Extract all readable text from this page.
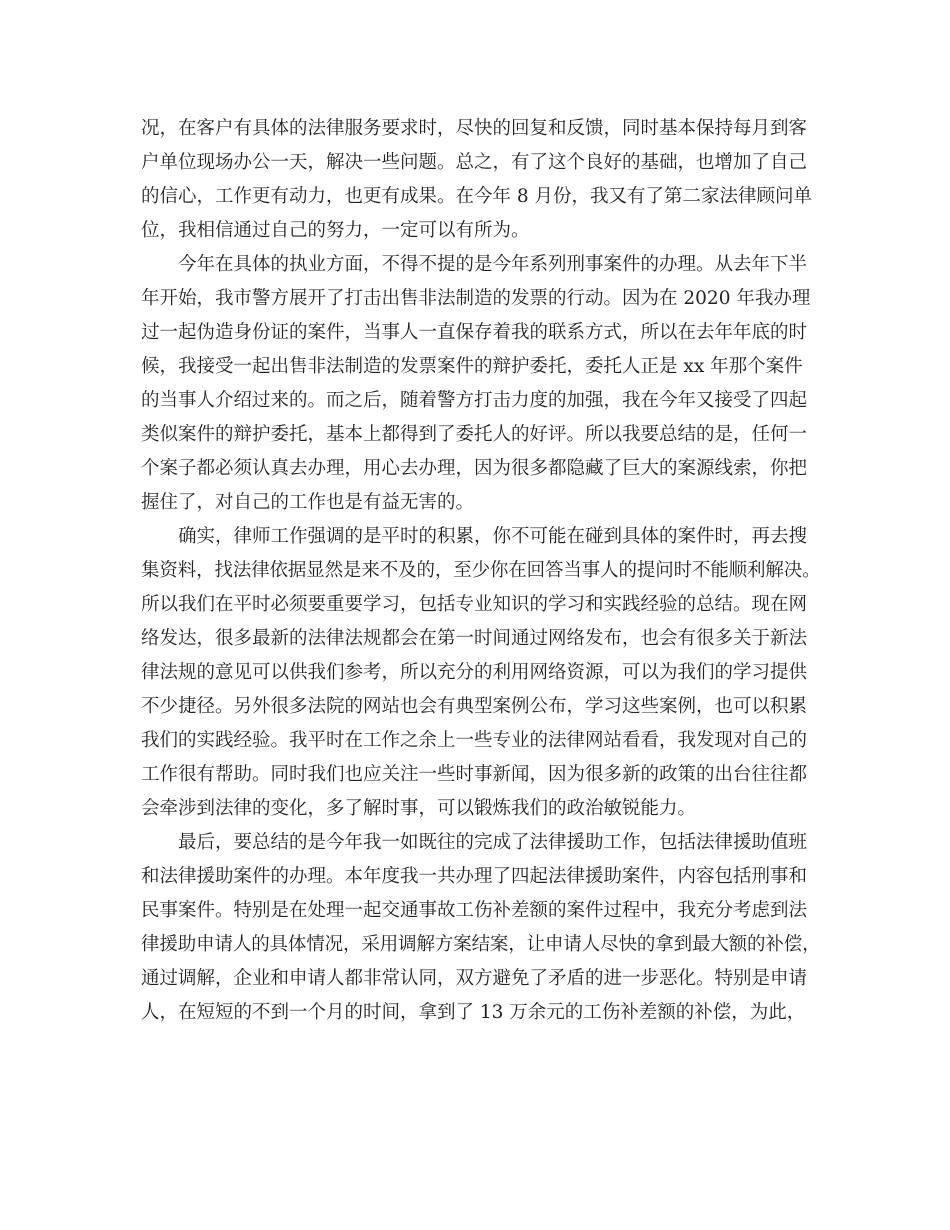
况，在客户有具体的法律服务要求时，尽快的回复和反馈，同时基本保持每月到客
户单位现场办公一天，解决一些问题。总之，有了这个良好的基础，也增加了自己
的信心，工作更有动力，也更有成果。在今年 8 月份，我又有了第二家法律顾问单
位，我相信通过自己的努力，一定可以有所为。
今年在具体的执业方面，不得不提的是今年系列刑事案件的办理。从去年下半
年开始，我市警方展开了打击出售非法制造的发票的行动。因为在 2020 年我办理
过一起伪造身份证的案件，当事人一直保存着我的联系方式，所以在去年年底的时
候，我接受一起出售非法制造的发票案件的辩护委托，委托人正是 xx 年那个案件
的当事人介绍过来的。而之后，随着警方打击力度的加强，我在今年又接受了四起
类似案件的辩护委托，基本上都得到了委托人的好评。所以我要总结的是，任何一
个案子都必须认真去办理，用心去办理，因为很多都隐藏了巨大的案源线索，你把
握住了，对自己的工作也是有益无害的。
确实，律师工作强调的是平时的积累，你不可能在碰到具体的案件时，再去搜
集资料，找法律依据显然是来不及的，至少你在回答当事人的提问时不能顺利解决。
所以我们在平时必须要重要学习，包括专业知识的学习和实践经验的总结。现在网
络发达，很多最新的法律法规都会在第一时间通过网络发布，也会有很多关于新法
律法规的意见可以供我们参考，所以充分的利用网络资源，可以为我们的学习提供
不少捷径。另外很多法院的网站也会有典型案例公布，学习这些案例，也可以积累
我们的实践经验。我平时在工作之余上一些专业的法律网站看看，我发现对自己的
工作很有帮助。同时我们也应关注一些时事新闻，因为很多新的政策的出台往往都
会牵涉到法律的变化，多了解时事，可以锻炼我们的政治敏锐能力。
最后，要总结的是今年我一如既往的完成了法律援助工作，包括法律援助值班
和法律援助案件的办理。本年度我一共办理了四起法律援助案件，内容包括刑事和
民事案件。特别是在处理一起交通事故工伤补差额的案件过程中，我充分考虑到法
律援助申请人的具体情况，采用调解方案结案，让申请人尽快的拿到最大额的补偿，
通过调解，企业和申请人都非常认同，双方避免了矛盾的进一步恶化。特别是申请
人，在短短的不到一个月的时间，拿到了 13 万余元的工伤补差额的补偿，为此，
